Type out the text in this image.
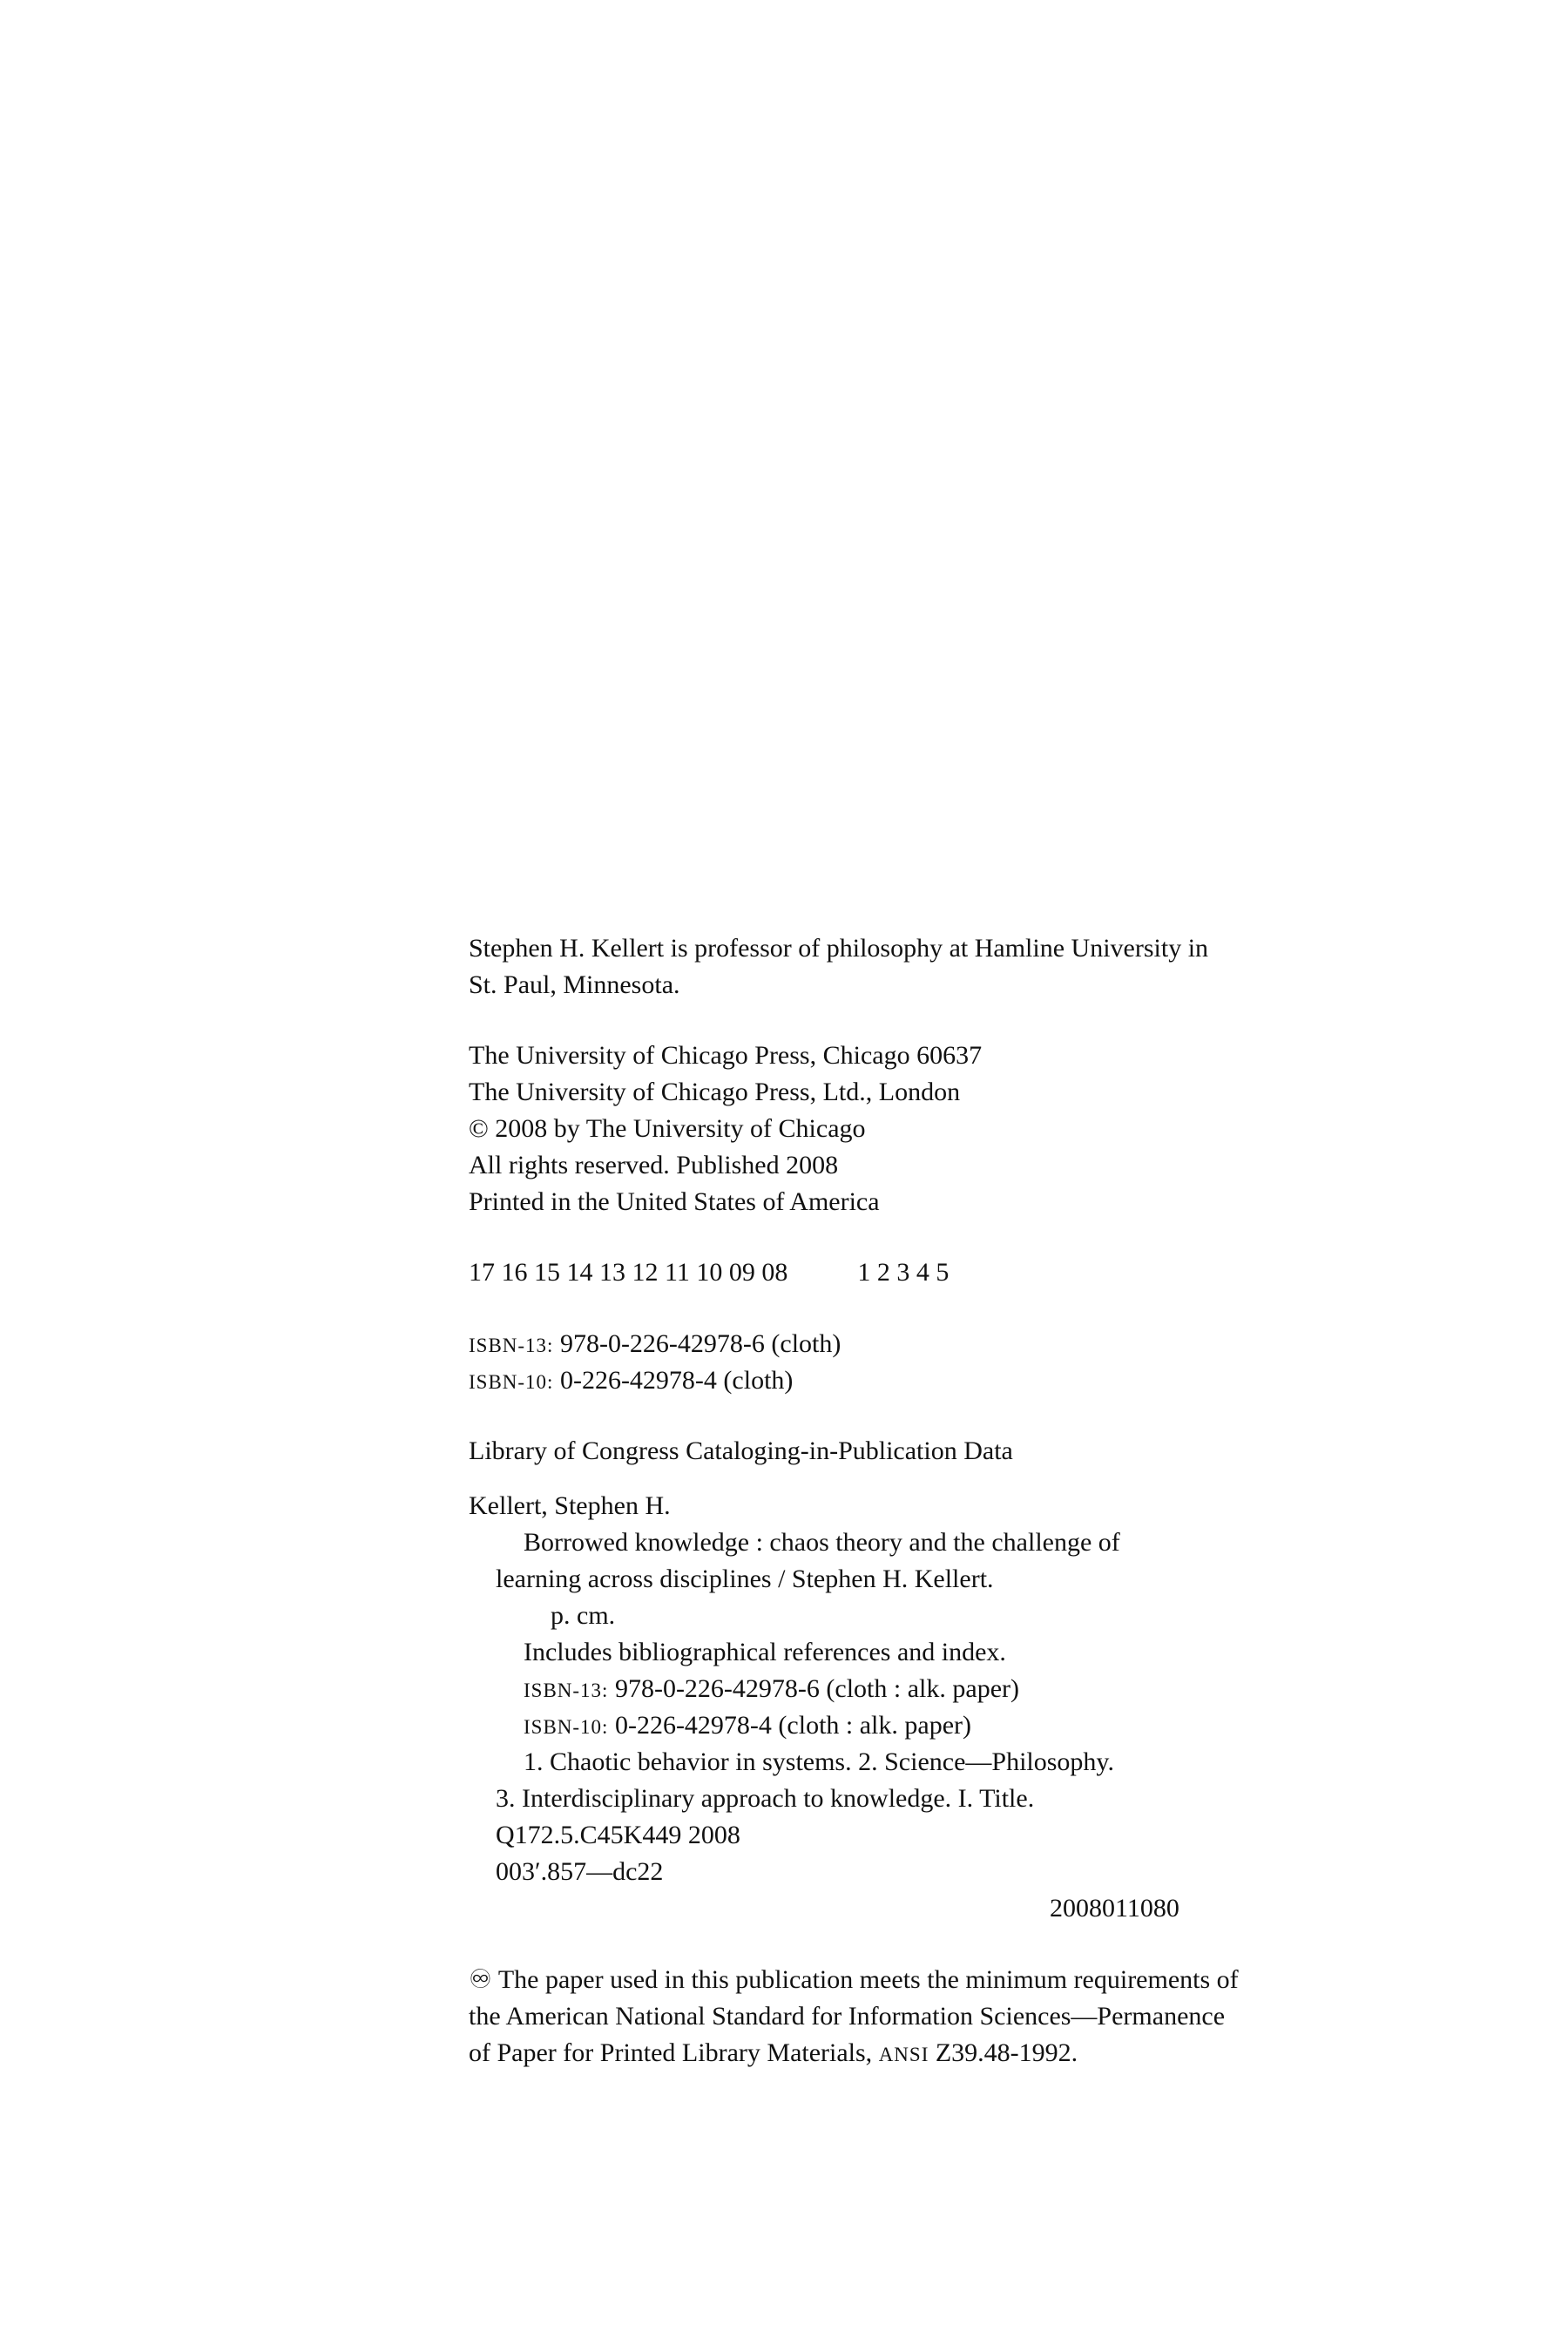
Stephen H. Kellert is professor of philosophy at Hamline University in
St. Paul, Minnesota.
The University of Chicago Press, Chicago 60637
The University of Chicago Press, Ltd., London
© 2008 by The University of Chicago
All rights reserved. Published 2008
Printed in the United States of America
17 16 15 14 13 12 11 10 09 08	1 2 3 4 5
ISBN-13: 978-0-226-42978-6 (cloth)
ISBN-10: 0-226-42978-4 (cloth)
Library of Congress Cataloging-in-Publication Data
Kellert, Stephen H.
Borrowed knowledge : chaos theory and the challenge of
learning across disciplines / Stephen H. Kellert.
p. cm.
Includes bibliographical references and index.
ISBN-13: 978-0-226-42978-6 (cloth : alk. paper)
ISBN-10: 0-226-42978-4 (cloth : alk. paper)
1. Chaotic behavior in systems. 2. Science—Philosophy.
3. Interdisciplinary approach to knowledge. I. Title.
Q172.5.C45K449 2008
003′.857—dc22
2008011080
♾ The paper used in this publication meets the minimum requirements of
the American National Standard for Information Sciences—Permanence
of Paper for Printed Library Materials, ANSI Z39.48-1992.
